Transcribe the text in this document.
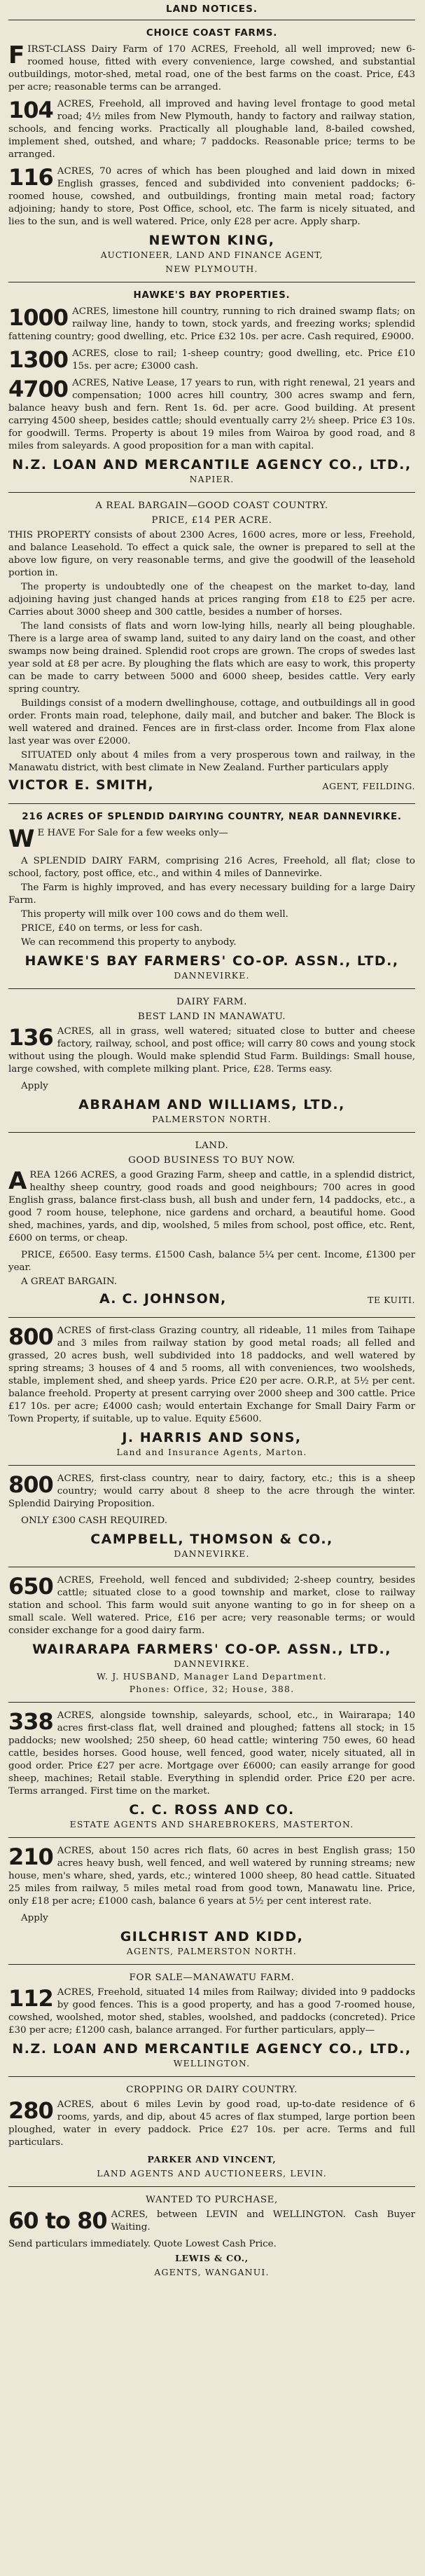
LAND NOTICES.
CHOICE COAST FARMS.

FIRST-CLASS Dairy Farm of 170 ACRES, Freehold, all well improved; new 6-roomed house, fitted with every convenience, large cowshed, and substantial outbuildings, motor-shed, metal road, one of the best farms on the coast. Price, £43 per acre; reasonable terms can be arranged.

104 ACRES, Freehold, all improved and having level frontage to good metal road; 4½ miles from New Plymouth, handy to factory and railway station, schools, and fencing works. Practically all ploughable land, 8-bailed cowshed, implement shed, outshed, and whare; 7 paddocks. Reasonable price; terms to be arranged.

116 ACRES, 70 acres of which has been ploughed and laid down in mixed English grasses, fenced and subdivided into convenient paddocks; 6-roomed house, cowshed, and outbuildings, fronting main metal road; factory adjoining; handy to store, Post Office, school, etc. The farm is nicely situated, and lies to the sun, and is well watered. Price, only £28 per acre. Apply sharp.

NEWTON KING,
AUCTIONEER, LAND AND FINANCE AGENT,
NEW PLYMOUTH.
HAWKE'S BAY PROPERTIES.

1000 ACRES, limestone hill country, running to rich drained swamp flats; on railway line, handy to town, stock yards, and freezing works; splendid fattening country; good dwelling, etc. Price £32 10s. per acre. Cash required, £9000.

1300 ACRES, close to rail; 1-sheep country; good dwelling, etc. Price £10 15s. per acre; £3000 cash.

4700 ACRES, Native Lease, 17 years to run, with right renewal, 21 years and compensation; 1000 acres hill country, 300 acres swamp and fern, balance heavy bush and fern. Rent 1s. 6d. per acre. Good building. At present carrying 4500 sheep, besides cattle; should eventually carry 2½ sheep. Price £3 10s. for goodwill. Terms. Property is about 19 miles from Wairoa by good road, and 8 miles from saleyards. A good proposition for a man with capital.

N.Z. LOAN AND MERCANTILE AGENCY CO., LTD.,
NAPIER.
A REAL BARGAIN—GOOD COAST COUNTRY.
PRICE, £14 PER ACRE.

THIS PROPERTY consists of about 2300 Acres, 1600 acres, more or less, Freehold, and balance Leasehold. To effect a quick sale, the owner is prepared to sell at the above low figure, on very reasonable terms, and give the goodwill of the leasehold portion in.

The property is undoubtedly one of the cheapest on the market to-day, land adjoining having just changed hands at prices ranging from £18 to £25 per acre. Carries about 3000 sheep and 300 cattle, besides a number of horses.

The land consists of flats and worn low-lying hills, nearly all being ploughable. There is a large area of swamp land, suited to any dairy land on the coast, and other swamps now being drained. Splendid root crops are grown. The crops of swedes last year sold at £8 per acre. By ploughing the flats which are easy to work, this property can be made to carry between 5000 and 6000 sheep, besides cattle. Very early spring country.

Buildings consist of a modern dwellinghouse, cottage, and outbuildings all in good order. Fronts main road, telephone, daily mail, and butcher and baker. The Block is well watered and drained. Fences are in first-class order. Income from Flax alone last year was over £2000.

SITUATED only about 4 miles from a very prosperous town and railway, in the Manawatu district, with best climate in New Zealand. Further particulars apply

VICTOR E. SMITH,	AGENT, FEILDING.
216 ACRES OF SPLENDID DAIRYING COUNTRY, NEAR DANNEVIRKE.

W E HAVE For Sale for a few weeks only—

A SPLENDID DAIRY FARM, comprising 216 Acres, Freehold, all flat; close to school, factory, post office, etc., and within 4 miles of Dannevirke.

The Farm is highly improved, and has every necessary building for a large Dairy Farm.

This property will milk over 100 cows and do them well.

PRICE, £40 on terms, or less for cash.

We can recommend this property to anybody.

HAWKE'S BAY FARMERS' CO-OP. ASSN., LTD.,
DANNEVIRKE.
DAIRY FARM.
BEST LAND IN MANAWATU.

136 ACRES, all in grass, well watered; situated close to butter and cheese factory, railway, school, and post office; will carry 80 cows and young stock without using the plough. Would make splendid Stud Farm. Buildings: Small house, large cowshed, with complete milking plant. Price, £28. Terms easy.

Apply
ABRAHAM AND WILLIAMS, LTD.,
PALMERSTON NORTH.
LAND.
GOOD BUSINESS TO BUY NOW.

AREA 1266 ACRES, a good Grazing Farm, sheep and cattle, in a splendid district, healthy sheep country, good roads and good neighbours; 700 acres in good English grass, balance first-class bush, all bush and under fern, 14 paddocks, etc., a good 7 room house, telephone, nice gardens and orchard, a beautiful home. Good shed, machines, yards, and dip, woolshed, 5 miles from school, post office, etc. Rent, £600 on terms, or cheap.

PRICE, £6500. Easy terms. £1500 Cash, balance 5¼ per cent. Income, £1300 per year.

A GREAT BARGAIN.

A. C. JOHNSON,	TE KUITI.

800 ACRES of first-class Grazing country, all rideable, 11 miles from Taihape and 3 miles from railway station by good metal roads; all felled and grassed, 20 acres bush, well subdivided into 18 paddocks, and well watered by spring streams; 3 houses of 4 and 5 rooms, all with conveniences, two woolsheds, stable, implement shed, and sheep yards. Price £20 per acre. O.R.P., at 5½ per cent. balance freehold. Property at present carrying over 2000 sheep and 300 cattle. Price £17 10s. per acre; £4000 cash; would entertain Exchange for Small Dairy Farm or Town Property, if suitable, up to value. Equity £5600.

J. HARRIS AND SONS,
Land and Insurance Agents, Marton.

800 ACRES, first-class country, near to dairy, factory, etc.; this is a sheep country; would carry about 8 sheep to the acre through the winter. Splendid Dairying Proposition.

ONLY £300 CASH REQUIRED.
CAMPBELL, THOMSON & CO.,
DANNEVIRKE.

650 ACRES, Freehold, well fenced and subdivided; 2-sheep country, besides cattle; situated close to a good township and market, close to railway station and school. This farm would suit anyone wanting to go in for sheep on a small scale. Well watered. Price, £16 per acre; very reasonable terms; or would consider exchange for a good dairy farm.

WAIRARAPA FARMERS' CO-OP. ASSN., LTD.,
DANNEVIRKE.
W. J. HUSBAND, Manager Land Department.
Phones: Office, 32; House, 388.

338 ACRES, alongside township, saleyards, school, etc., in Wairarapa; 140 acres first-class flat, well drained and ploughed; fattens all stock; in 15 paddocks; new woolshed; 250 sheep, 60 head cattle; wintering 750 ewes, 60 head cattle, besides horses. Good house, well fenced, good water, nicely situated, all in good order. Price £27 per acre. Mortgage over £6000; can easily arrange for good sheep, machines; Retail stable. Everything in splendid order. Price £20 per acre. Terms arranged. First time on the market.

C. C. ROSS AND CO.
ESTATE AGENTS AND SHAREBROKERS, MASTERTON.

210 ACRES, about 150 acres rich flats, 60 acres in best English grass; 150 acres heavy bush, well fenced, and well watered by running streams; new house, men's whare, shed, yards, etc.; wintered 1000 sheep, 80 head cattle. Situated 25 miles from railway, 5 miles metal road from good town, Manawatu line. Price, only £18 per acre; £1000 cash, balance 6 years at 5½ per cent interest rate.

Apply
GILCHRIST AND KIDD,
AGENTS, PALMERSTON NORTH.
FOR SALE—MANAWATU FARM.

112 ACRES, Freehold, situated 14 miles from Railway; divided into 9 paddocks by good fences. This is a good property, and has a good 7-roomed house, cowshed, woolshed, motor shed, stables, woolshed, and paddocks (concreted). Price £30 per acre; £1200 cash, balance arranged. For further particulars, apply—

N.Z. LOAN AND MERCANTILE AGENCY CO., LTD.,
WELLINGTON.
CROPPING OR DAIRY COUNTRY.

280 ACRES, about 6 miles Levin by good road, up-to-date residence of 6 rooms, yards, and dip, about 45 acres of flax stumped, large portion been ploughed, water in every paddock. Price £27 10s. per acre. Terms and full particulars.

PARKER AND VINCENT,
LAND AGENTS AND AUCTIONEERS, LEVIN.
WANTED TO PURCHASE,

60 to 80 ACRES, between LEVIN and WELLINGTON. Cash Buyer Waiting.

Send particulars immediately. Quote Lowest Cash Price.

LEWIS & CO.,
AGENTS, WANGANUI.
